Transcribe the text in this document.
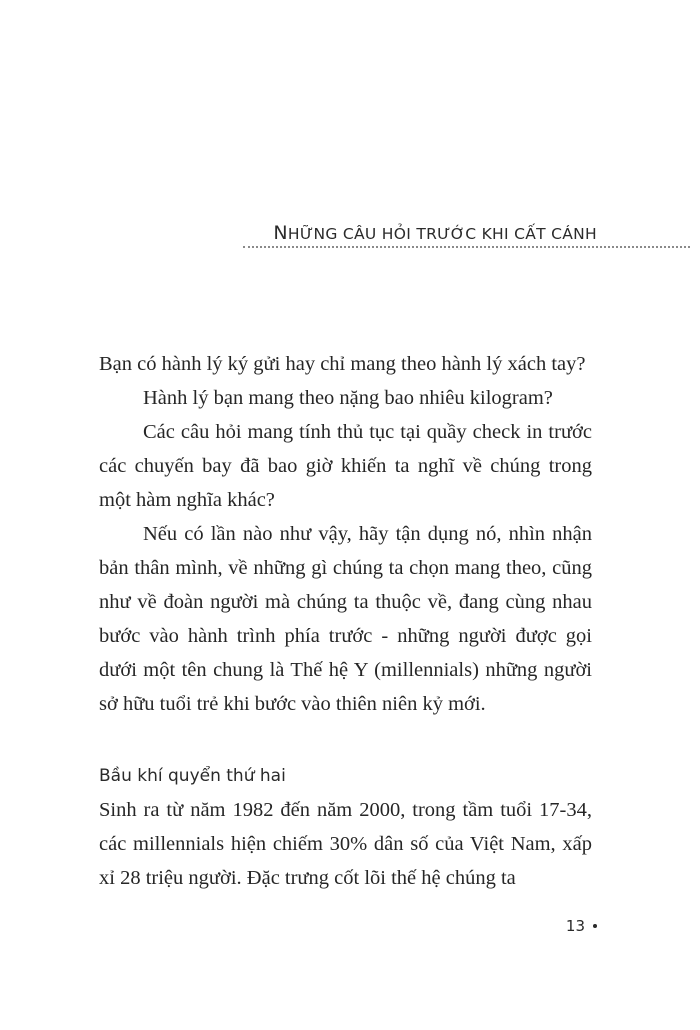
NHỮNG CÂU HỎI TRƯỚC KHI CẤT CÁNH

Bạn có hành lý ký gửi hay chỉ mang theo hành lý xách tay?

Hành lý bạn mang theo nặng bao nhiêu kilogram?

Các câu hỏi mang tính thủ tục tại quầy check in trước các chuyến bay đã bao giờ khiến ta nghĩ về chúng trong một hàm nghĩa khác?

Nếu có lần nào như vậy, hãy tận dụng nó, nhìn nhận bản thân mình, về những gì chúng ta chọn mang theo, cũng như về đoàn người mà chúng ta thuộc về, đang cùng nhau bước vào hành trình phía trước - những người được gọi dưới một tên chung là Thế hệ Y (millennials) những người sở hữu tuổi trẻ khi bước vào thiên niên kỷ mới.

Bầu khí quyển thứ hai

Sinh ra từ năm 1982 đến năm 2000, trong tầm tuổi 17-34, các millennials hiện chiếm 30% dân số của Việt Nam, xấp xỉ 28 triệu người. Đặc trưng cốt lõi thế hệ chúng ta

13
